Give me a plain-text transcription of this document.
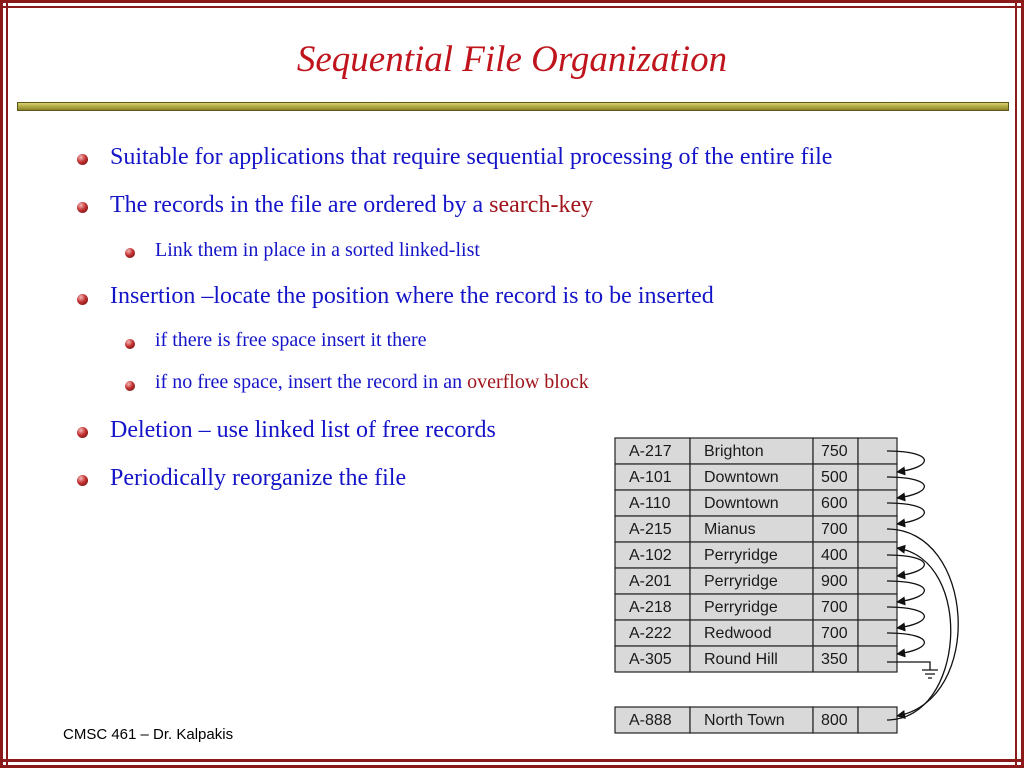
Sequential File Organization
Suitable for applications that require sequential processing of the entire file
The records in the file are ordered by a search-key
Link them in place in a sorted linked-list
Insertion –locate the position where the record is to be inserted
if there is free space insert it there
if no free space, insert the record in an overflow block
Deletion – use linked list of free records
Periodically reorganize the file
A-217 Brighton	750
A-101 Downtown	500
A-110 Downtown	600
A-215 Mianus	700
A-102 Perryridge	400
A-201 Perryridge	900
A-218 Perryridge	700
A-222 Redwood	700
A-305 Round Hill	350
A-888 North Town 800
CMSC 461 – Dr. Kalpakis
